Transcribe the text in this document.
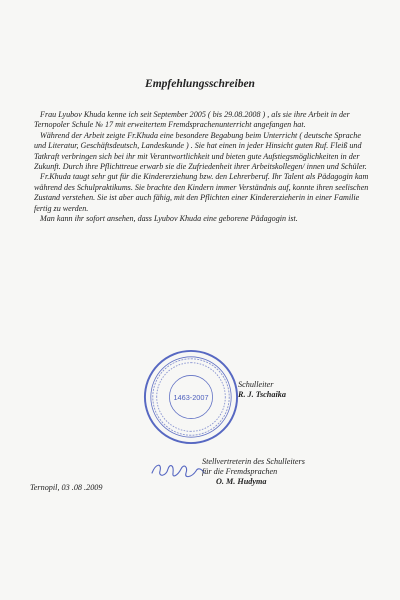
Empfehlungsschreiben

Frau Lyubov Khuda kenne ich seit September 2005 ( bis 29.08.2008 ) , als sie ihre Arbeit in der Ternopoler Schule № 17 mit erweitertem Fremdsprachenunterricht angefangen hat.

Während der Arbeit zeigte Fr.Khuda eine besondere Begabung beim Unterricht ( deutsche Sprache und Literatur, Geschäftsdeutsch, Landeskunde ) . Sie hat einen in jeder Hinsicht guten Ruf. Fleiß und Tatkraft verbringen sich bei ihr mit Verantwortlichkeit und bieten gute Aufstiegsmöglichkeiten in der Zukunft. Durch ihre Pflichttreue erwarb sie die Zufriedenheit ihrer Arbeitskollegen/ innen und Schüler.

Fr.Khuda taugt sehr gut für die Kindererziehung bzw. den Lehrerberuf. Ihr Talent als Pädagogin kam während des Schulpraktikums. Sie brachte den Kindern immer Verständnis auf, konnte ihren seelischen Zustand verstehen. Sie ist aber auch fähig, mit den Pflichten einer Kindererzieherin in einer Familie fertig zu werden.

Man kann ihr sofort ansehen, dass Lyubov Khuda eine geborene Pädagogin ist.

1463-2007
Schulleiter
R. J. Tschaika
Stellvertreterin des Schulleiters
für die Fremdsprachen
O. M. Hudyma
Ternopil, 03 .08 .2009
